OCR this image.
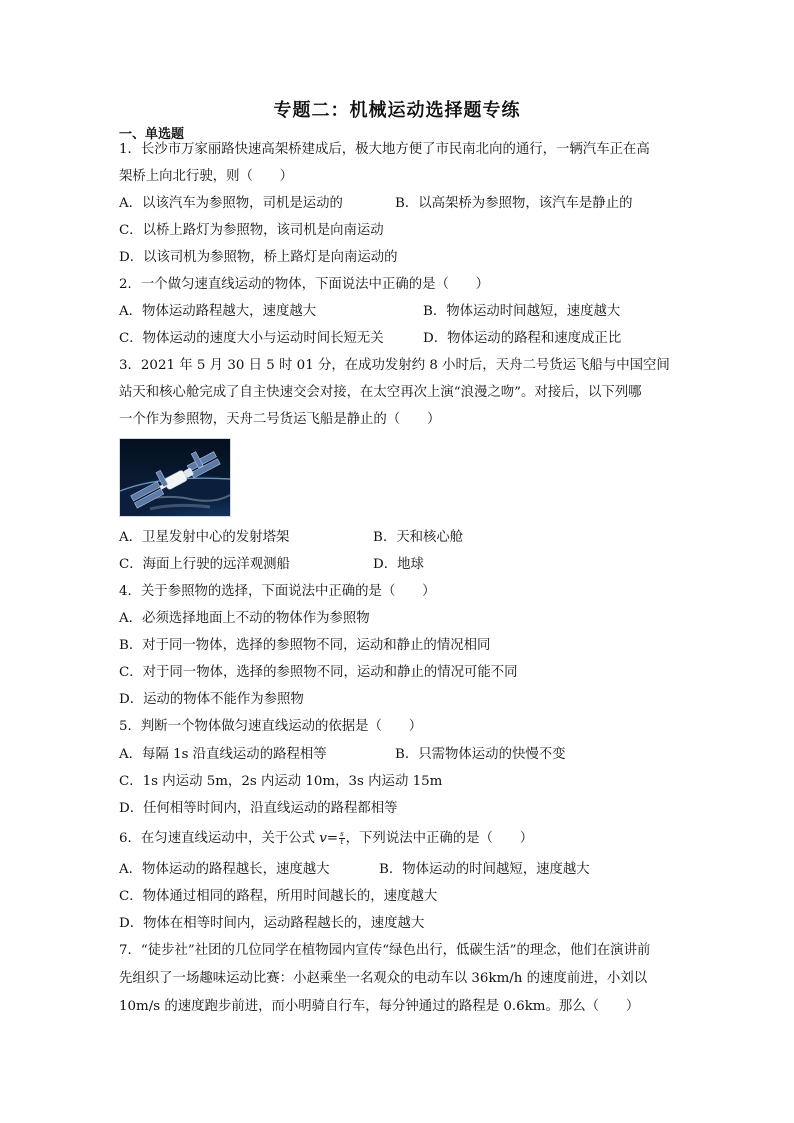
专题二：机械运动选择题专练
一、单选题
1．长沙市万家丽路快速高架桥建成后，极大地方便了市民南北向的通行，一辆汽车正在高
架桥上向北行驶，则（　　）
A．以该汽车为参照物，司机是运动的	B．以高架桥为参照物，该汽车是静止的
C．以桥上路灯为参照物，该司机是向南运动
D．以该司机为参照物，桥上路灯是向南运动的
2．一个做匀速直线运动的物体，下面说法中正确的是（　　）
A．物体运动路程越大，速度越大	B．物体运动时间越短，速度越大
C．物体运动的速度大小与运动时间长短无关	D．物体运动的路程和速度成正比
3．2021 年 5 月 30 日 5 时 01 分，在成功发射约 8 小时后，天舟二号货运飞船与中国空间
站天和核心舱完成了自主快速交会对接，在太空再次上演“浪漫之吻”。对接后，以下列哪
一个作为参照物，天舟二号货运飞船是静止的（　　）
A．卫星发射中心的发射塔架	B．天和核心舱
C．海面上行驶的远洋观测船	D．地球
4．关于参照物的选择，下面说法中正确的是（　　）
A．必须选择地面上不动的物体作为参照物
B．对于同一物体，选择的参照物不同，运动和静止的情况相同
C．对于同一物体，选择的参照物不同，运动和静止的情况可能不同
D．运动的物体不能作为参照物
5．判断一个物体做匀速直线运动的依据是（　　）
A．每隔 1s 沿直线运动的路程相等	B．只需物体运动的快慢不变
C．1s 内运动 5m，2s 内运动 10m，3s 内运动 15m
D．任何相等时间内，沿直线运动的路程都相等
6．在匀速直线运动中，关于公式 $v= \frac{s}{t}$ ，下列说法中正确的是（　　）
A．物体运动的路程越长，速度越大	B．物体运动的时间越短，速度越大
C．物体通过相同的路程，所用时间越长的，速度越大
D．物体在相等时间内，运动路程越长的，速度越大
7．“徒步社”社团的几位同学在植物园内宣传“绿色出行，低碳生活”的理念，他们在演讲前
先组织了一场趣味运动比赛：小赵乘坐一名观众的电动车以 36km/h 的速度前进，小刘以
10m/s 的速度跑步前进，而小明骑自行车，每分钟通过的路程是 0.6km。那么（　　）
